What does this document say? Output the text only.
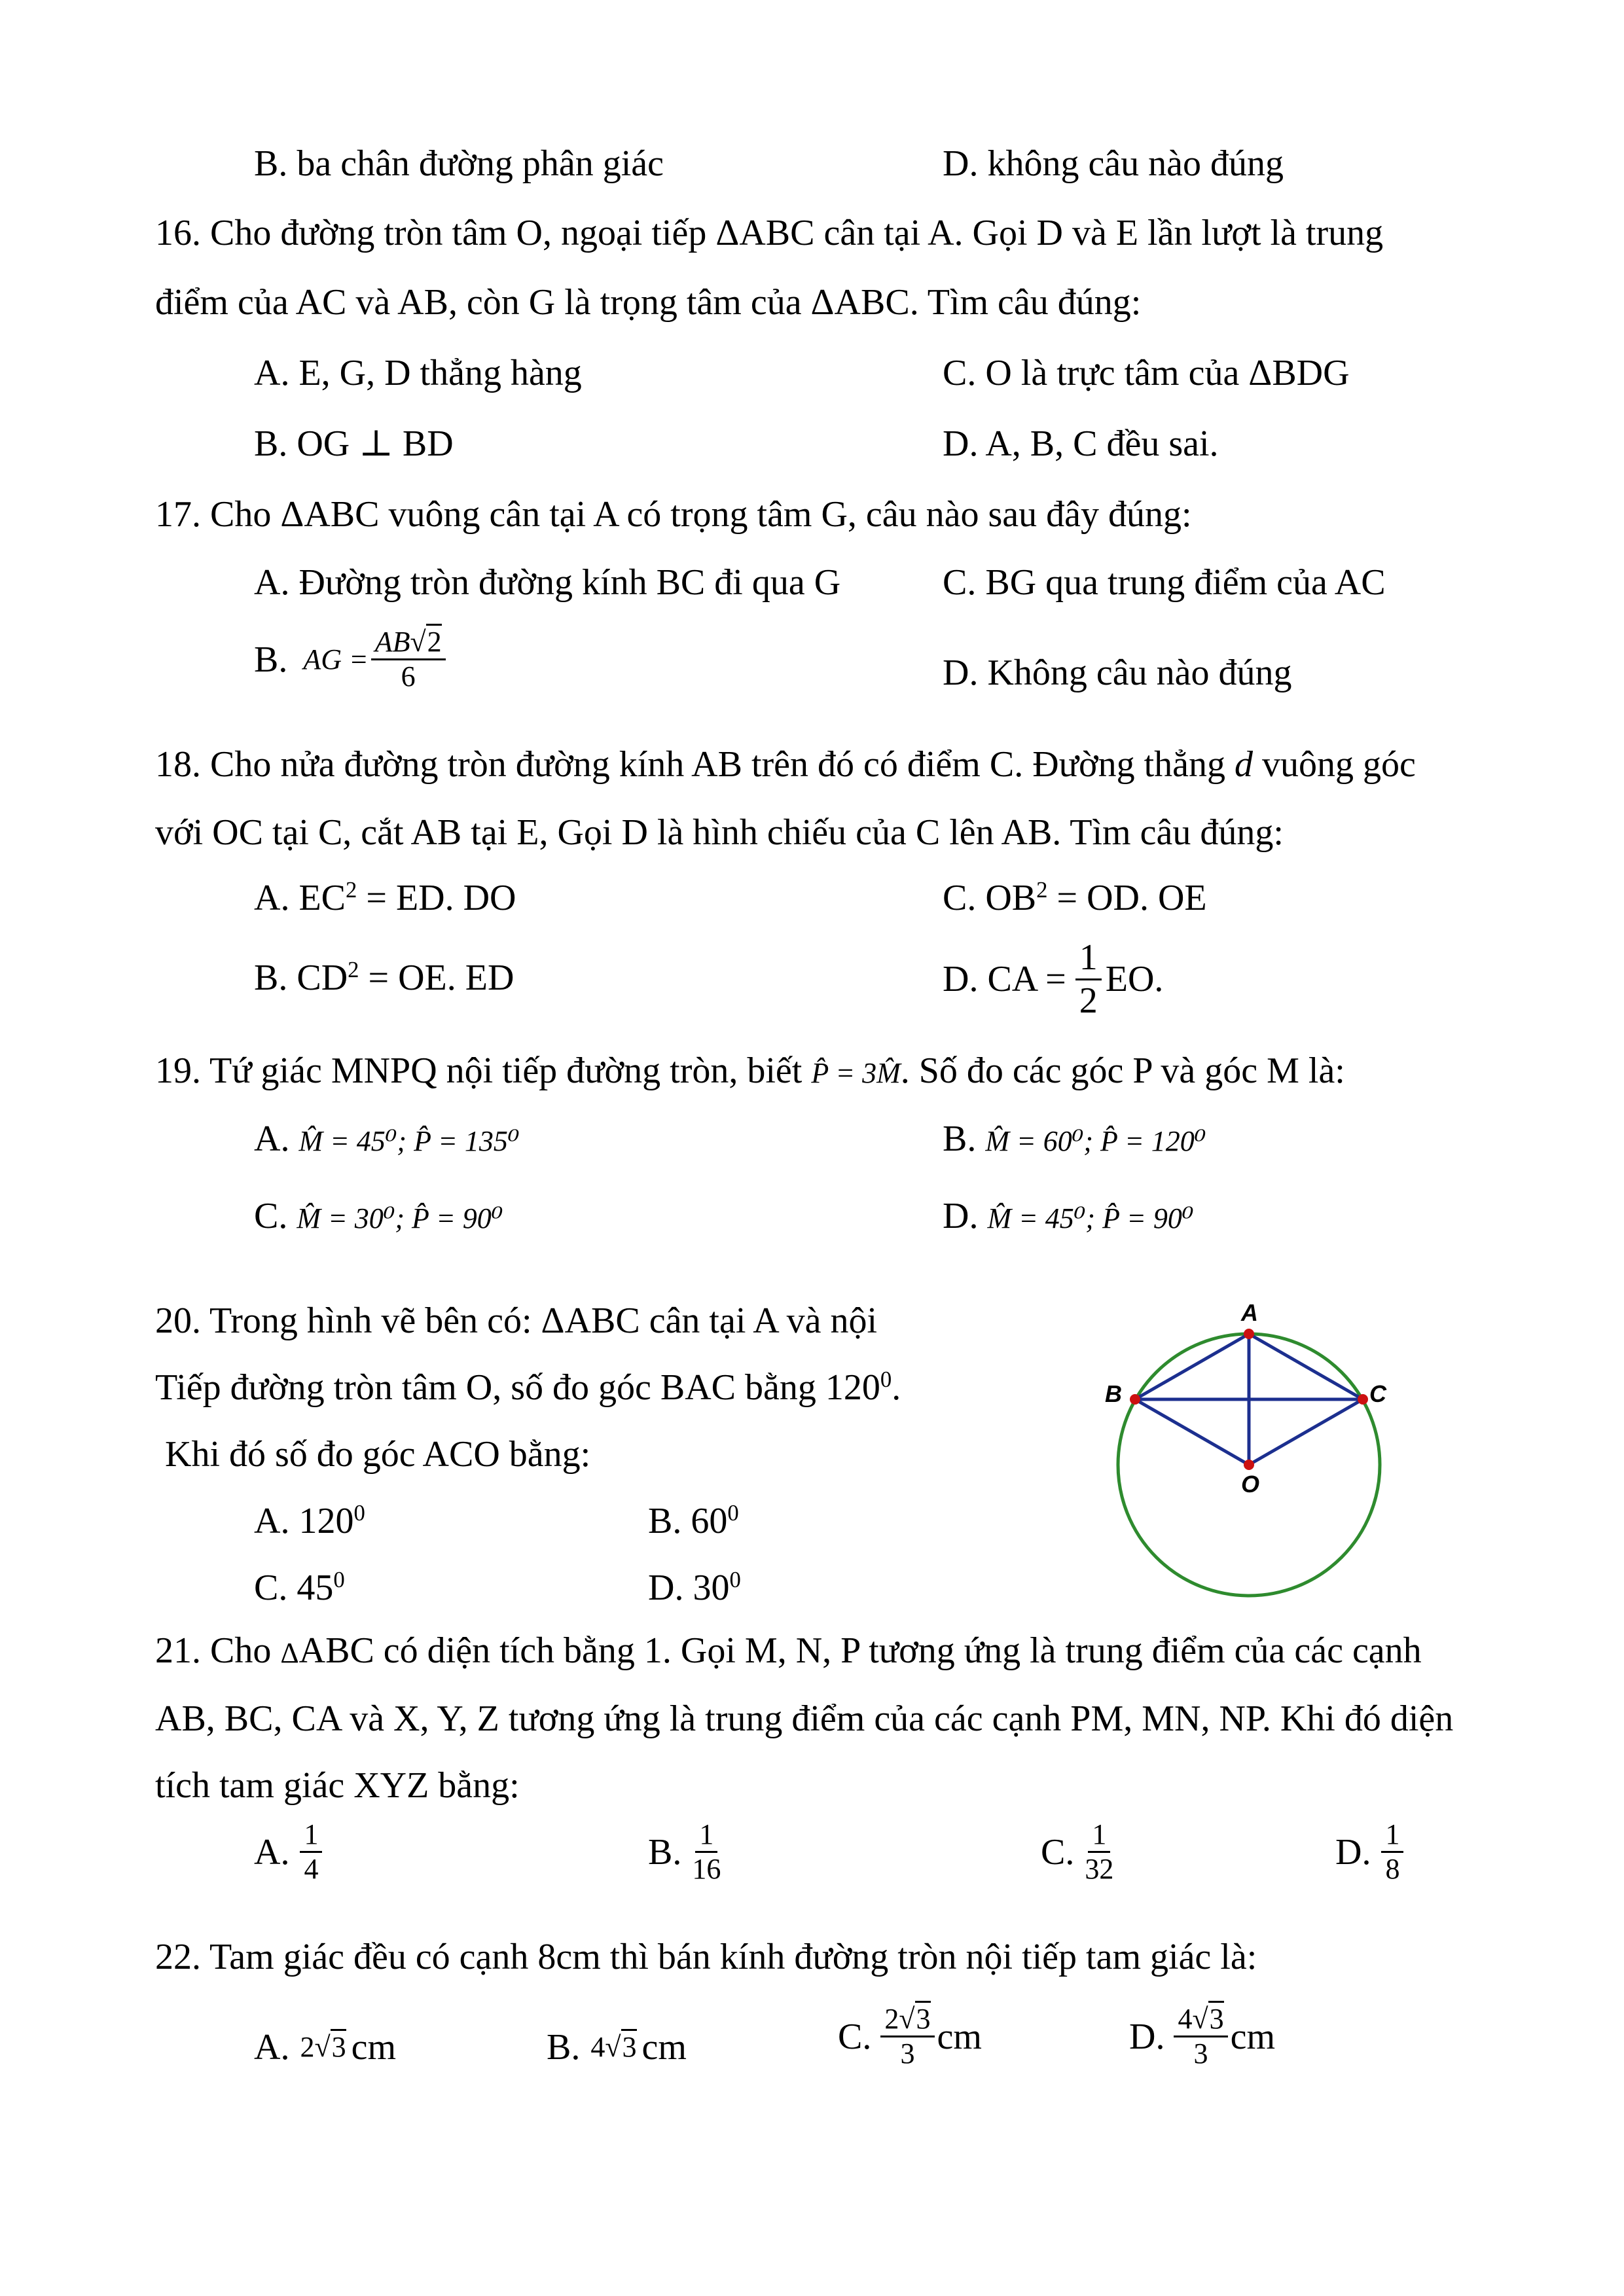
B. ba chân đường phân giác	D. không câu nào đúng
16. Cho đường tròn tâm O, ngoại tiếp ΔABC cân tại A. Gọi D và E lần lượt là trung
điểm của AC và AB, còn G là trọng tâm của ΔABC. Tìm câu đúng:
A. E, G, D thẳng hàng	C. O là trực tâm của ΔBDG
B. OG ⊥ BD	D. A, B, C đều sai.
17. Cho ΔABC vuông cân tại A có trọng tâm G, câu nào sau đây đúng:
A. Đường tròn đường kính BC đi qua G	C. BG qua trung điểm của AC
B. AG = $\frac{AB√2}{6}$	D. Không câu nào đúng
18. Cho nửa đường tròn đường kính AB trên đó có điểm C. Đường thẳng d vuông góc
với OC tại C, cắt AB tại E, Gọi D là hình chiếu của C lên AB. Tìm câu đúng:
A. $EC^2$ = ED. DO	C. $OB^2$ = OD. OE
B. $CD^2$ = OE. ED	D. CA = $\frac{1}{2}$ EO.
19. Tứ giác MNPQ nội tiếp đường tròn, biết P̂ = 3M̂. Số đo các góc P và góc M là:
A. M̂ = 45⁰; P̂ = 135⁰	B. M̂ = 60⁰; P̂ = 120⁰
C. M̂ = 30⁰; P̂ = 90⁰	D. M̂ = 45⁰; P̂ = 90⁰
20. Trong hình vẽ bên có: ΔABC cân tại A và nội
Tiếp đường tròn tâm O, số đo góc BAC bằng $120^0$.
Khi đó số đo góc ACO bằng:
A. $120^0$	B. $60^0$
C. $45^0$	D. $30^0$
A
B	C
O
21. Cho ΔABC có diện tích bằng 1. Gọi M, N, P tương ứng là trung điểm của các cạnh
AB, BC, CA và X, Y, Z tương ứng là trung điểm của các cạnh PM, MN, NP. Khi đó diện
tích tam giác XYZ bằng:
A. $\frac{1}{4}$	B. $\frac{1}{16}$	C. $\frac{1}{32}$	D. $\frac{1}{8}$
22. Tam giác đều có cạnh 8cm thì bán kính đường tròn nội tiếp tam giác là:
A. 2√3 cm	B. 4√3 cm	C. $\frac{2√3}{3}$ cm	D. $\frac{4√3}{3}$ cm
